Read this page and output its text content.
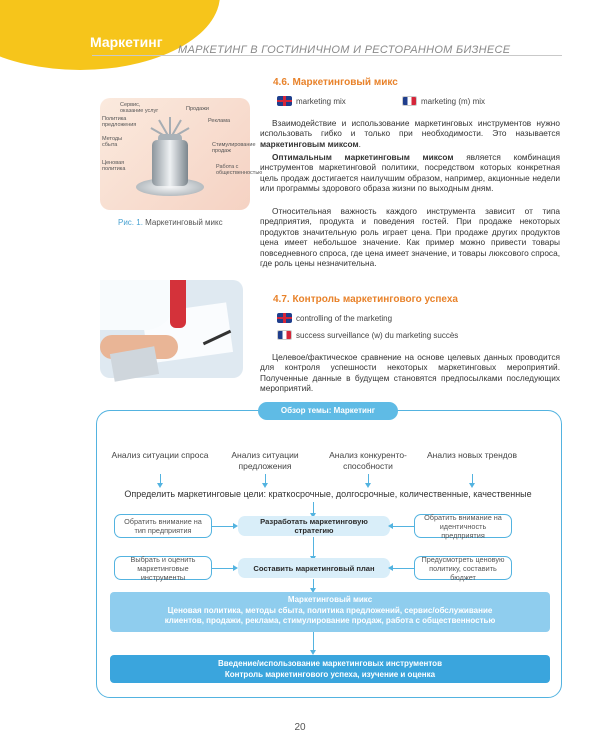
Маркетинг МАРКЕТИНГ В ГОСТИНИЧНОМ И РЕСТОРАННОМ БИЗНЕСЕ
Сервис, оказание услуг	Продажи
Политика предложения
Реклама
Методы сбыта	Стимулирование продаж
Ценовая политика	Работа с общественностью
Рис. 1. Маркетинговый микс
4.6. Маркетинговый микс
marketing mix	marketing (m) mix
Взаимодействие и использование маркетинговых инструментов нужно использовать гибко и только при необходимости. Это называется маркетинговым миксом.
Оптимальным маркетинговым миксом является комбинация инструментов маркетинговой политики, посредством которых конкретная цель продаж достигается наилучшим образом, например, акционные недели или программы здорового образа жизни по выходным дням.
Относительная важность каждого инструмента зависит от типа предприятия, продукта и поведения гостей. При продаже некоторых продуктов значительную роль играет цена. При продаже других продуктов цена имеет небольшое значение. Как пример можно привести товары повседневного спроса, где цена имеет значение, и товары люксового спроса, где роль цены незначительна.
4.7. Контроль маркетингового успеха
controlling of the marketing
success surveillance (w) du marketing succès
Целевое/фактическое сравнение на основе целевых данных проводится для контроля успешности некоторых маркетинговых мероприятий. Полученные данные в будущем становятся предпосылками последующих мероприятий.
Обзор темы: Маркетинг
Анализ ситуации спроса	Анализ ситуации предложения
Анализ конкуренто-способности
Анализ новых трендов
Определить маркетинговые цели: краткосрочные, долгосрочные, количественные, качественные
Обратить внимание на тип предприятия
Разработать маркетинговую стратегию
Обратить внимание на идентичность предприятия
Выбрать и оценить маркетинговые инструменты
Составить маркетинговый план
Предусмотреть ценовую политику, составить бюджет
Маркетинговый микс
Ценовая политика, методы сбыта, политика предложений, сервис/обслуживание
клиентов, продажи, реклама, стимулирование продаж, работа с общественностью
Введение/использование маркетинговых инструментов
Контроль маркетингового успеха, изучение и оценка
20
